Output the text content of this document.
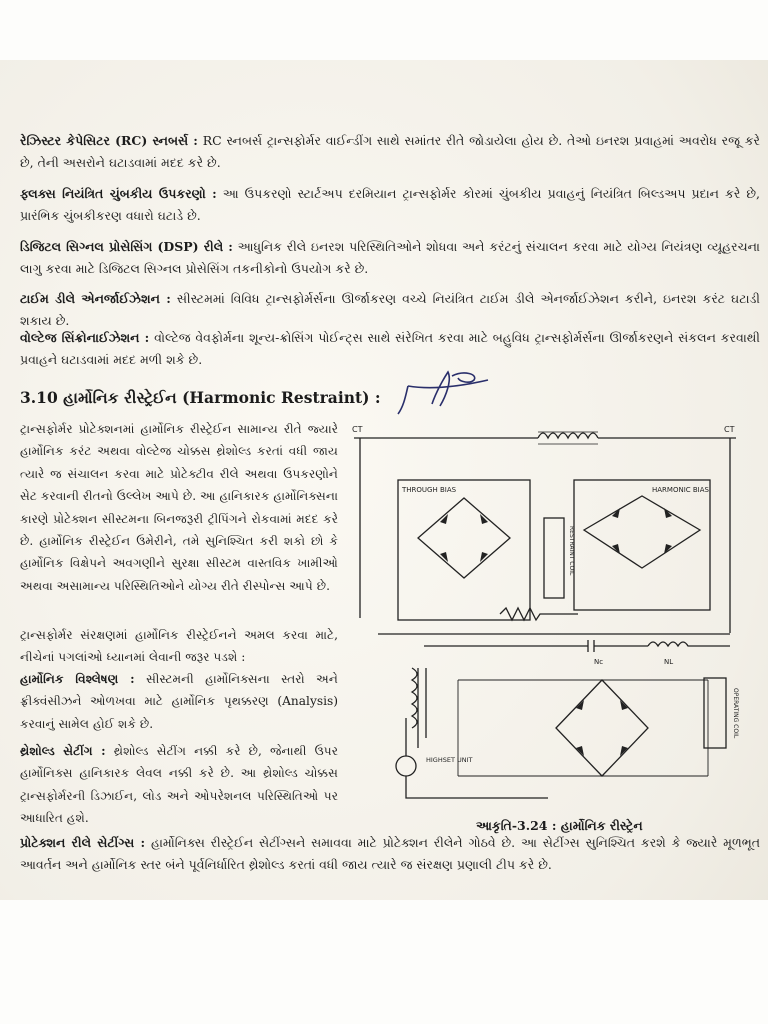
રેઝિસ્ટર કેપેસિટર (RC) સ્નબર્સ : RC સ્નબર્સ ટ્રાન્સફોર્મર વાઈન્ડીંગ સાથે સમાંતર રીતે જોડાયેલા હોય છે. તેઓ ઇનરશ પ્રવાહમાં અવરોધ રજૂ કરે છે, તેની અસરોને ઘટાડવામાં મદદ કરે છે.

ફ્લક્સ નિયંત્રિત ચુંબકીય ઉપકરણો : આ ઉપકરણો સ્ટાર્ટઅપ દરમિયાન ટ્રાન્સફોર્મર કોરમાં ચુંબકીય પ્રવાહનું નિયંત્રિત બિલ્ડઅપ પ્રદાન કરે છે, પ્રારંભિક ચુંબકીકરણ વધારો ઘટાડે છે.

ડિજિટલ સિગ્નલ પ્રોસેસિંગ (DSP) રીલે : આધુનિક રીલે ઇનરશ પરિસ્થિતિઓને શોધવા અને કરંટનું સંચાલન કરવા માટે યોગ્ય નિયંત્રણ વ્યૂહરચના લાગુ કરવા માટે ડિજિટલ સિગ્નલ પ્રોસેસિંગ તકનીકોનો ઉપયોગ કરે છે.

ટાઈમ ડીલે એનર્જાઈઝેશન : સીસ્ટમમાં વિવિધ ટ્રાન્સફોર્મર્સના ઊર્જાકરણ વચ્ચે નિયંત્રિત ટાઈમ ડીલે એનર્જાઈઝેશન કરીને, ઇનરશ કરંટ ઘટાડી શકાય છે.

વોલ્ટેજ સિંક્રોનાઈઝેશન : વોલ્ટેજ વેવફોર્મના શૂન્ય-ક્રોસિંગ પોઈન્ટ્સ સાથે સંરેખિત કરવા માટે બહુવિધ ટ્રાન્સફોર્મર્સના ઊર્જાકરણને સંકલન કરવાથી પ્રવાહને ઘટાડવામાં મદદ મળી શકે છે.

3.10 હાર્મોનિક રીસ્ટ્રેઈન (Harmonic Restraint) :

ટ્રાન્સફોર્મર પ્રોટેક્શનમાં હાર્મોનિક રીસ્ટ્રેઈન સામાન્ય રીતે જ્યારે હાર્મોનિક કરંટ અથવા વોલ્ટેજ ચોક્કસ થ્રેશોલ્ડ કરતાં વધી જાય ત્યારે જ સંચાલન કરવા માટે પ્રોટેક્ટીવ રીલે અથવા ઉપકરણોને સેટ કરવાની રીતનો ઉલ્લેખ આપે છે. આ હાનિકારક હાર્મોનિક્સના કારણે પ્રોટેક્શન સીસ્ટમના બિનજરૂરી ટ્રીપિંગને રોકવામાં મદદ કરે છે. હાર્મોનિક રીસ્ટ્રેઈન ઉમેરીને, તમે સુનિશ્ચિત કરી શકો છો કે હાર્મોનિક વિક્ષેપને અવગણીને સુરક્ષા સીસ્ટમ વાસ્તવિક ખામીઓ અથવા અસામાન્ય પરિસ્થિતિઓને યોગ્ય રીતે રીસ્પોન્સ આપે છે.

ટ્રાન્સફોર્મર સંરક્ષણમાં હાર્મોનિક રીસ્ટ્રેઈનને અમલ કરવા માટે, નીચેનાં પગલાંઓ ધ્યાનમાં લેવાની જરૂર પડશે :

હાર્મોનિક વિશ્લેષણ : સીસ્ટમની હાર્મોનિક્સના સ્તરો અને ફ્રીક્વંસીઝને ઓળખવા માટે હાર્મોનિક પૃથક્કરણ (Analysis) કરવાનું સામેલ હોઈ શકે છે.

થ્રેશોલ્ડ સેટીંગ : થ્રેશોલ્ડ સેટીંગ નક્કી કરે છે, જેનાથી ઉપર હાર્મોનિક્સ હાનિકારક લેવલ નક્કી કરે છે. આ થ્રેશોલ્ડ ચોક્કસ ટ્રાન્સફોર્મરની ડિઝાઈન, લોડ અને ઓપરેશનલ પરિસ્થિતિઓ પર આધારિત હશે.

CT	CT
THROUGH BIAS	HARMONIC BIAS
RESTRAINT COIL
Nc	NL
HIGHSET UNIT
OPERATING COIL

આકૃતિ-3.24 : હાર્મોનિક રીસ્ટ્રેન

પ્રોટેક્શન રીલે સેટીંગ્સ : હાર્મોનિક્સ રીસ્ટ્રેઈન સેટીંગ્સને સમાવવા માટે પ્રોટેક્શન રીલેને ગોઠવે છે. આ સેટીંગ્સ સુનિશ્ચિત કરશે કે જ્યારે મૂળભૂત આવર્તન અને હાર્મોનિક સ્તર બંને પૂર્વનિર્ધારિત થ્રેશોલ્ડ કરતાં વધી જાય ત્યારે જ સંરક્ષણ પ્રણાલી ટીપ કરે છે.
